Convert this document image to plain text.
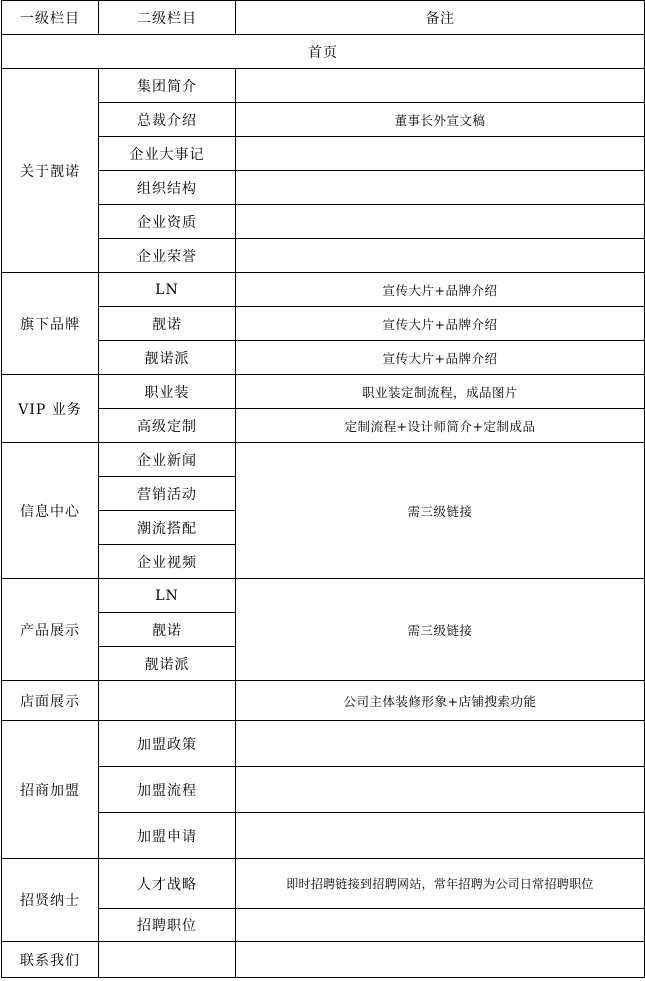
一级栏目	二级栏目	备注
首页		
关于靓诺	集团简介	
	总裁介绍	董事长外宣文稿
	企业大事记	
	组织结构	
	企业资质	
	企业荣誉	
旗下品牌	LN	宣传大片+品牌介绍
	靓诺	宣传大片+品牌介绍
	靓诺派	宣传大片+品牌介绍
VIP 业务	职业装	职业装定制流程，成品图片
	高级定制	定制流程+设计师简介+定制成品
信息中心	企业新闻	需三级链接
	营销活动	
	潮流搭配	
	企业视频	
产品展示	LN	需三级链接
	靓诺	
	靓诺派	
店面展示		公司主体装修形象+店铺搜索功能
招商加盟	加盟政策	
	加盟流程	
	加盟申请	
招贤纳士	人才战略	即时招聘链接到招聘网站，常年招聘为公司日常招聘职位
	招聘职位	
联系我们		
